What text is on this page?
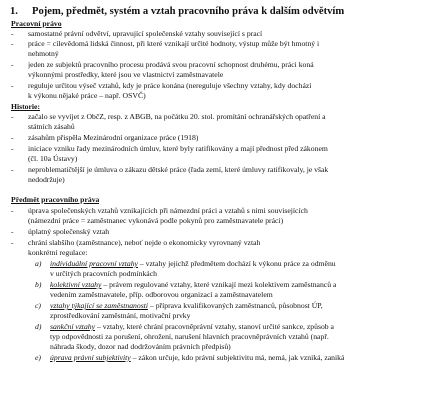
1. Pojem, předmět, systém a vztah pracovního práva k dalším odvětvím
Pracovní právo
- samostatné právní odvětví, upravující společenské vztahy související s prací
- práce = cílevědomá lidská činnost, při které vznikají určité hodnoty, výstup může být hmotný i
nehmotný
- jeden ze subjektů pracovního procesu prodává svou pracovní schopnost druhému, práci koná
výkonnými prostředky, které jsou ve vlastnictví zaměstnavatele
- reguluje určitou výseč vztahů, kdy je práce konána (nereguluje všechny vztahy, kdy dochází
k výkonu nějaké práce – např. OSVČ)
Historie:
- začalo se vyvíjet z ObčZ, resp. z ABGB, na počátku 20. stol. promítání ochranářských opatření a
státních zásahů
- zásahům přispěla Mezinárodní organizace práce (1918)
- iniciace vzniku řady mezinárodních úmluv, které byly ratifikovány a mají přednost před zákonem
(čl. 10a Ústavy)
- neproblematičtější je úmluva o zákazu dětské práce (řada zemí, které úmluvy ratifikovaly, je však
nedodržuje)
Předmět pracovního práva
- úprava společenských vztahů vznikajících při námezdní práci a vztahů s nimi souvisejících
(námezdní práce = zaměstnanec vykonává podle pokynů pro zaměstnavatele práci)
- úplatný společenský vztah
- chrání slabšího (zaměstnance), neboť nejde o ekonomicky vyrovnaný vztah
konkrétní regulace:
a) individuální pracovní vztahy – vztahy jejichž předmětem dochází k výkonu práce za odměnu
v určitých pracovních podmínkách
b) kolektivní vztahy – právem regulované vztahy, které vznikají mezi kolektivem zaměstnanců a
vedením zaměstnavatele, příp. odborovou organizací a zaměstnavatelem
c) vztahy týkající se zaměstnanosti – příprava kvalifikovaných zaměstnanců, působnost ÚP,
zprostředkování zaměstnání, motivační prvky
d) sankční vztahy – vztahy, které chrání pracovněprávní vztahy, stanoví určité sankce, způsob a
typ odpovědnosti za porušení, ohrožení, narušení hlavních pracovněprávních vztahů (např.
náhrada škody, dozor nad dodržováním právních předpisů)
e) úprava právní subjektivity – zákon určuje, kdo právní subjektivitu má, nemá, jak vzniká, zaniká
